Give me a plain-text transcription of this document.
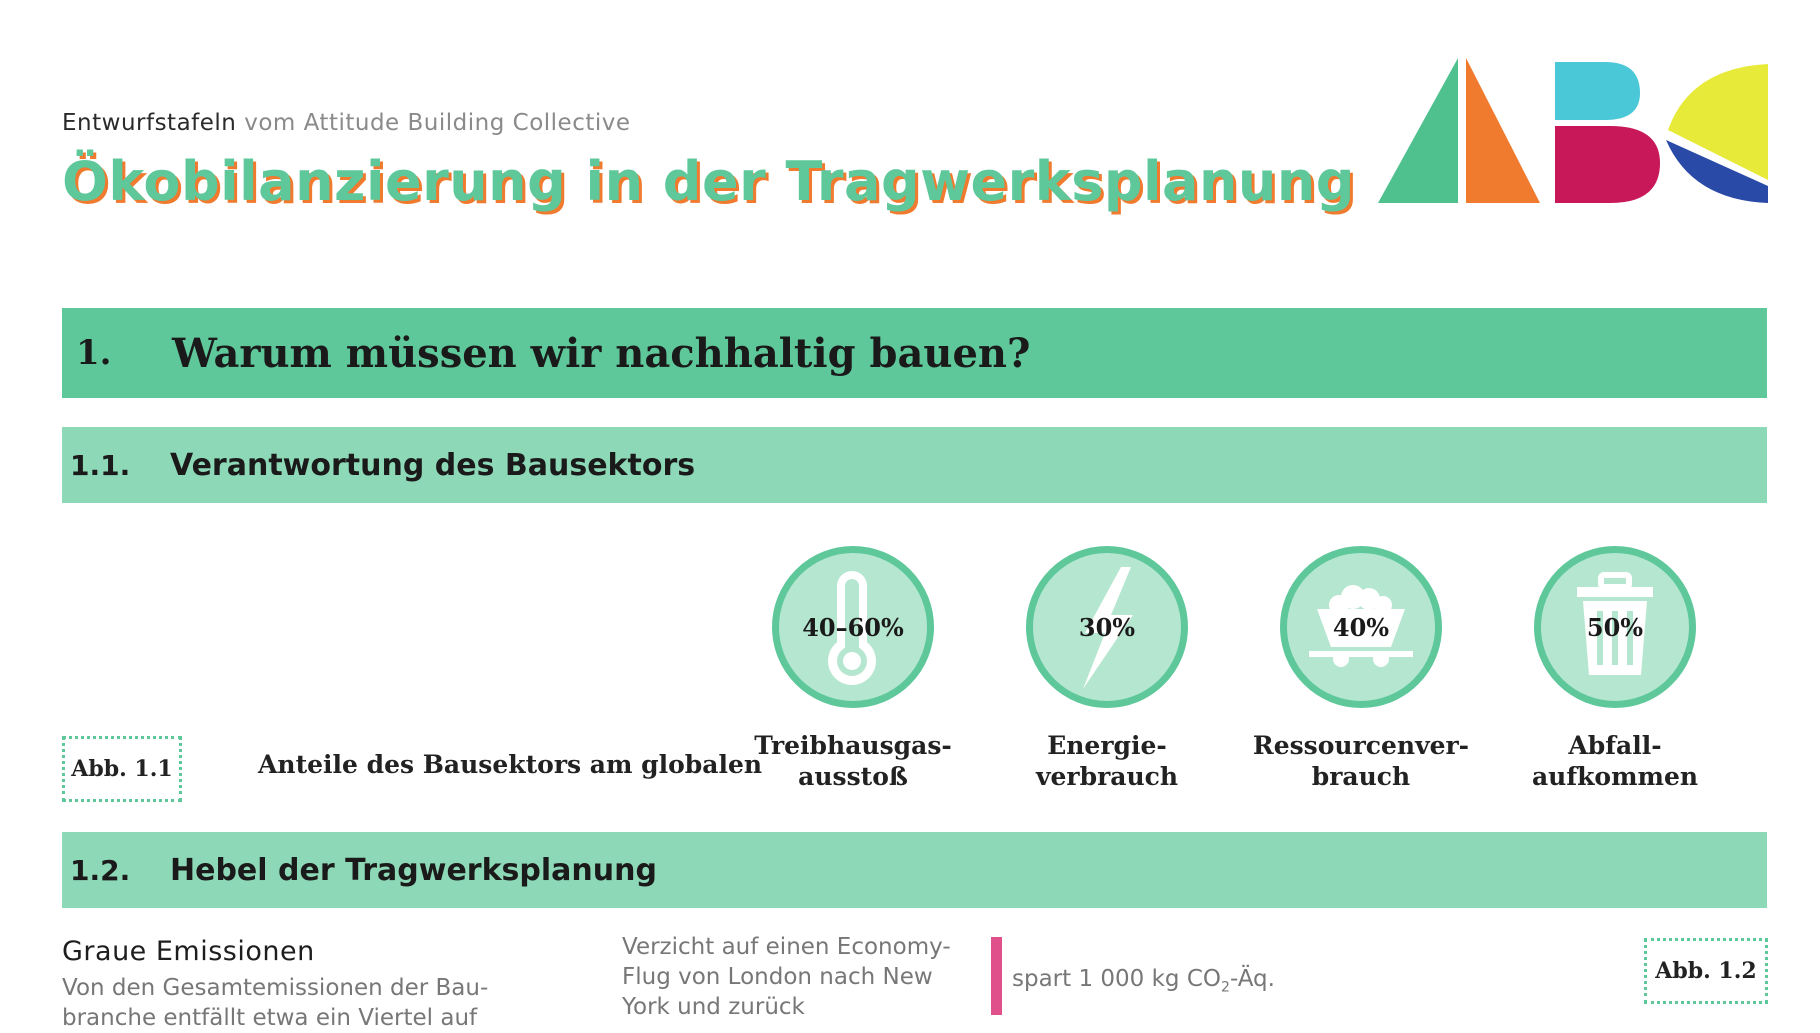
Entwurfstafeln vom Attitude Building Collective
Ökobilanzierung in der Tragwerksplanung
1.	Warum müssen wir nachhaltig bauen?
1.1.	Verantwortung des Bausektors
Abb. 1.1	Anteile des Bausektors am globalen
40–60%
Treibhausgas-
ausstoß
30%
Energie-
verbrauch
40%
Ressourcenver-
brauch
50%
Abfall-
aufkommen
1.2.	Hebel der Tragwerksplanung
Graue Emissionen
Von den Gesamtemissionen der Bau-branche entfällt etwa ein Viertel auf
Verzicht auf einen Economy-Flug von London nach New York und zurück
spart 1 000 kg $CO_2-Äq$.	Abb. 1.2
